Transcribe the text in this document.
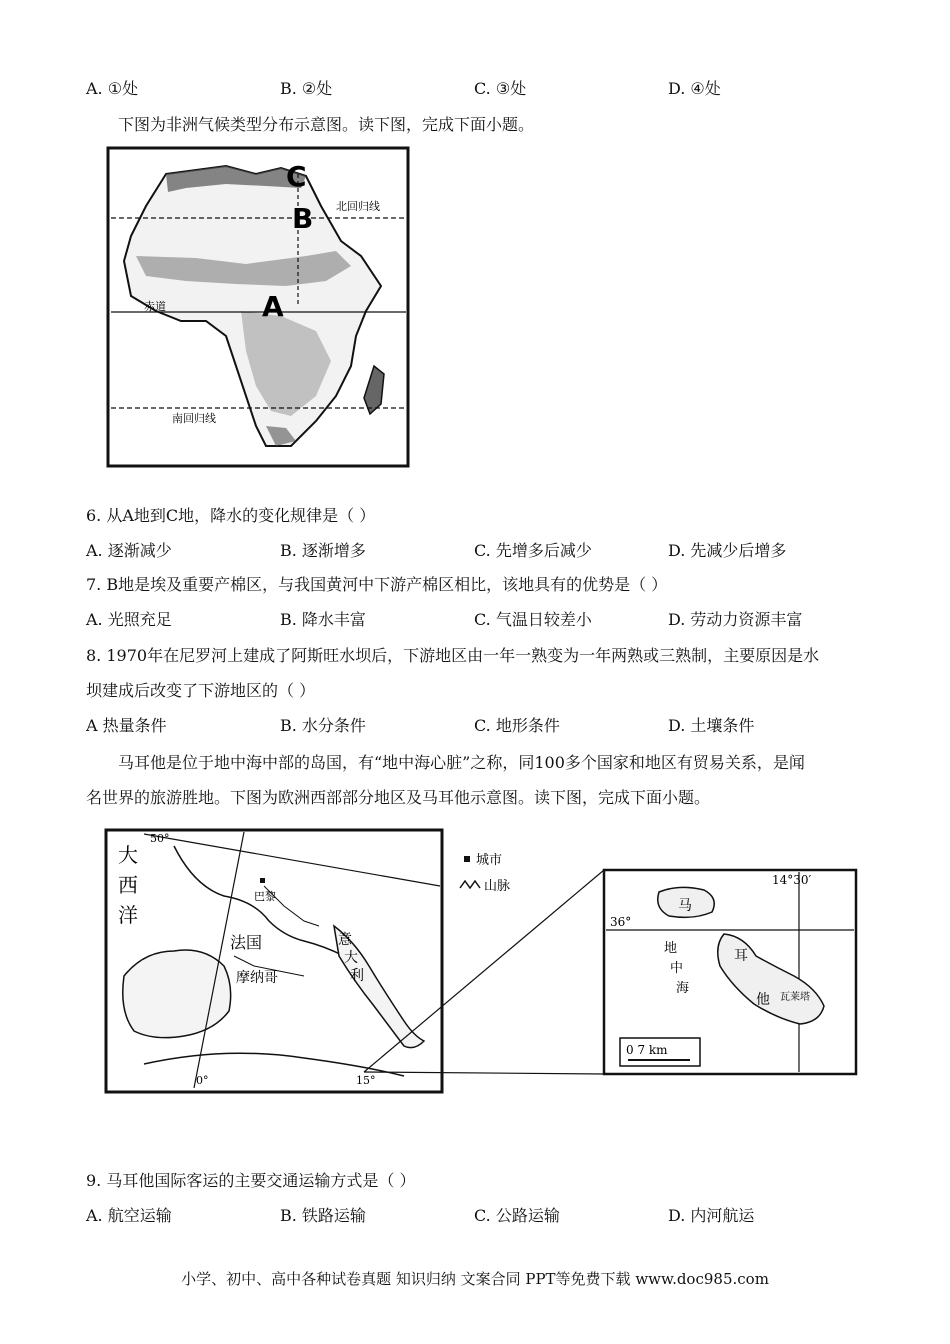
A. ①处	B. ②处	C. ③处	D. ④处
下图为非洲气候类型分布示意图。读下图，完成下面小题。
北回归线
赤道
南回归线
C
B
A
6. 从A地到C地，降水的变化规律是（ ）
A. 逐渐减少	B. 逐渐增多	C. 先增多后减少	D. 先减少后增多
7. B地是埃及重要产棉区，与我国黄河中下游产棉区相比，该地具有的优势是（ ）
A. 光照充足	B. 降水丰富	C. 气温日较差小	D. 劳动力资源丰富
8. 1970年在尼罗河上建成了阿斯旺水坝后，下游地区由一年一熟变为一年两熟或三熟制，主要原因是水
坝建成后改变了下游地区的（ ）
A 热量条件	B. 水分条件	C. 地形条件	D. 土壤条件
马耳他是位于地中海中部的岛国，有“地中海心脏”之称，同100多个国家和地区有贸易关系，是闻
名世界的旅游胜地。下图为欧洲西部部分地区及马耳他示意图。读下图，完成下面小题。
50°
0°	15°
大
西
洋
巴黎
法国
摩纳哥
意
大
利
城市
山脉	14°30′
36°
马
耳
他 瓦莱塔
地
中
海
0 7 km
9. 马耳他国际客运的主要交通运输方式是（ ）
A. 航空运输	B. 铁路运输	C. 公路运输	D. 内河航运
小学、初中、高中各种试卷真题 知识归纳 文案合同 PPT等免费下载 www.doc985.com
